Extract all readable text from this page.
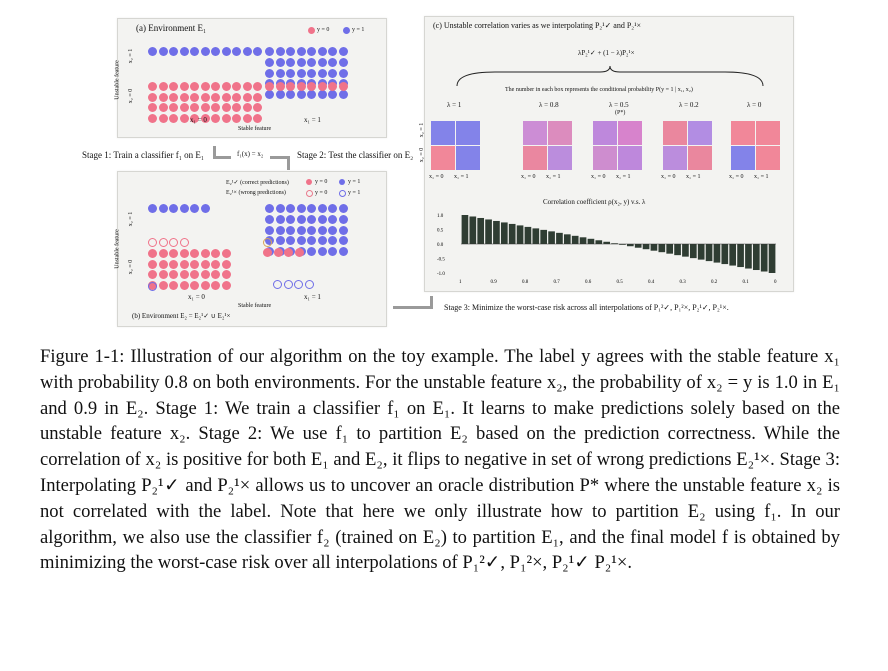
(a) Environment E₁	y = 0	y = 1
Unstable feature
x₂ = 1
x₂ = 0
x₁ = 0	x₁ = 1
Stable feature
Stage 1: Train a classifier f₁ on E₁	f₁(x) = x₂	Stage 2: Test the classifier on E₂
E₂¹✓ (correct predictions)	y = 0	y = 1
E₂¹× (wrong predictions)	y = 0	y = 1
Unstable feature
x₂ = 1
x₂ = 0
x₁ = 0	x₁ = 1
Stable feature
(b) Environment E₂ = E₂¹✓ ∪ E₂¹×
(c) Unstable correlation varies as we interpolating P₂¹✓ and P₂¹×
λP₂¹✓ + (1 − λ)P₂¹×
The number in each box represents the conditional probability P(y = 1 | x₁, x₂)
λ = 1	λ = 0.8	λ = 0.5	λ = 0.2	λ = 0
(P*)
x₁ = 0 x₁ = 1	x₁ = 0 x₁ = 1	x₁ = 0 x₁ = 1	x₁ = 0 x₁ = 1	x₁ = 0 x₁ = 1
x₂ = 1
x₂ = 0
Correlation coefficient ρ(x₂, y) v.s. λ
1.0
0.5
0.0
-0.5
-1.0
1	0.9	0.8	0.7	0.6	0.5	0.4	0.3	0.2	0.1	0
Stage 3: Minimize the worst-case risk across all interpolations of P₁²✓, P₁²×, P₂¹✓, P₂¹×.

Figure 1-1: Illustration of our algorithm on the toy example. The label y agrees with the stable feature x₁ with probability 0.8 on both environments. For the unstable feature x₂, the probability of x₂ = y is 1.0 in E₁ and 0.9 in E₂. Stage 1: We train a classifier f₁ on E₁. It learns to make predictions solely based on the unstable feature x₂. Stage 2: We use f₁ to partition E₂ based on the prediction correctness. While the correlation of x₂ is positive for both E₁ and E₂, it flips to negative in set of wrong predictions E₂¹×. Stage 3: Interpolating P₂¹✓ and P₂¹× allows us to uncover an oracle distribution P* where the unstable feature x₂ is not correlated with the label. Note that here we only illustrate how to partition E₂ using f₁. In our algorithm, we also use the classifier f₂ (trained on E₂) to partition E₁, and the final model f is obtained by minimizing the worst-case risk over all interpolations of P₁²✓, P₁²×, P₂¹✓ P₂¹×.
